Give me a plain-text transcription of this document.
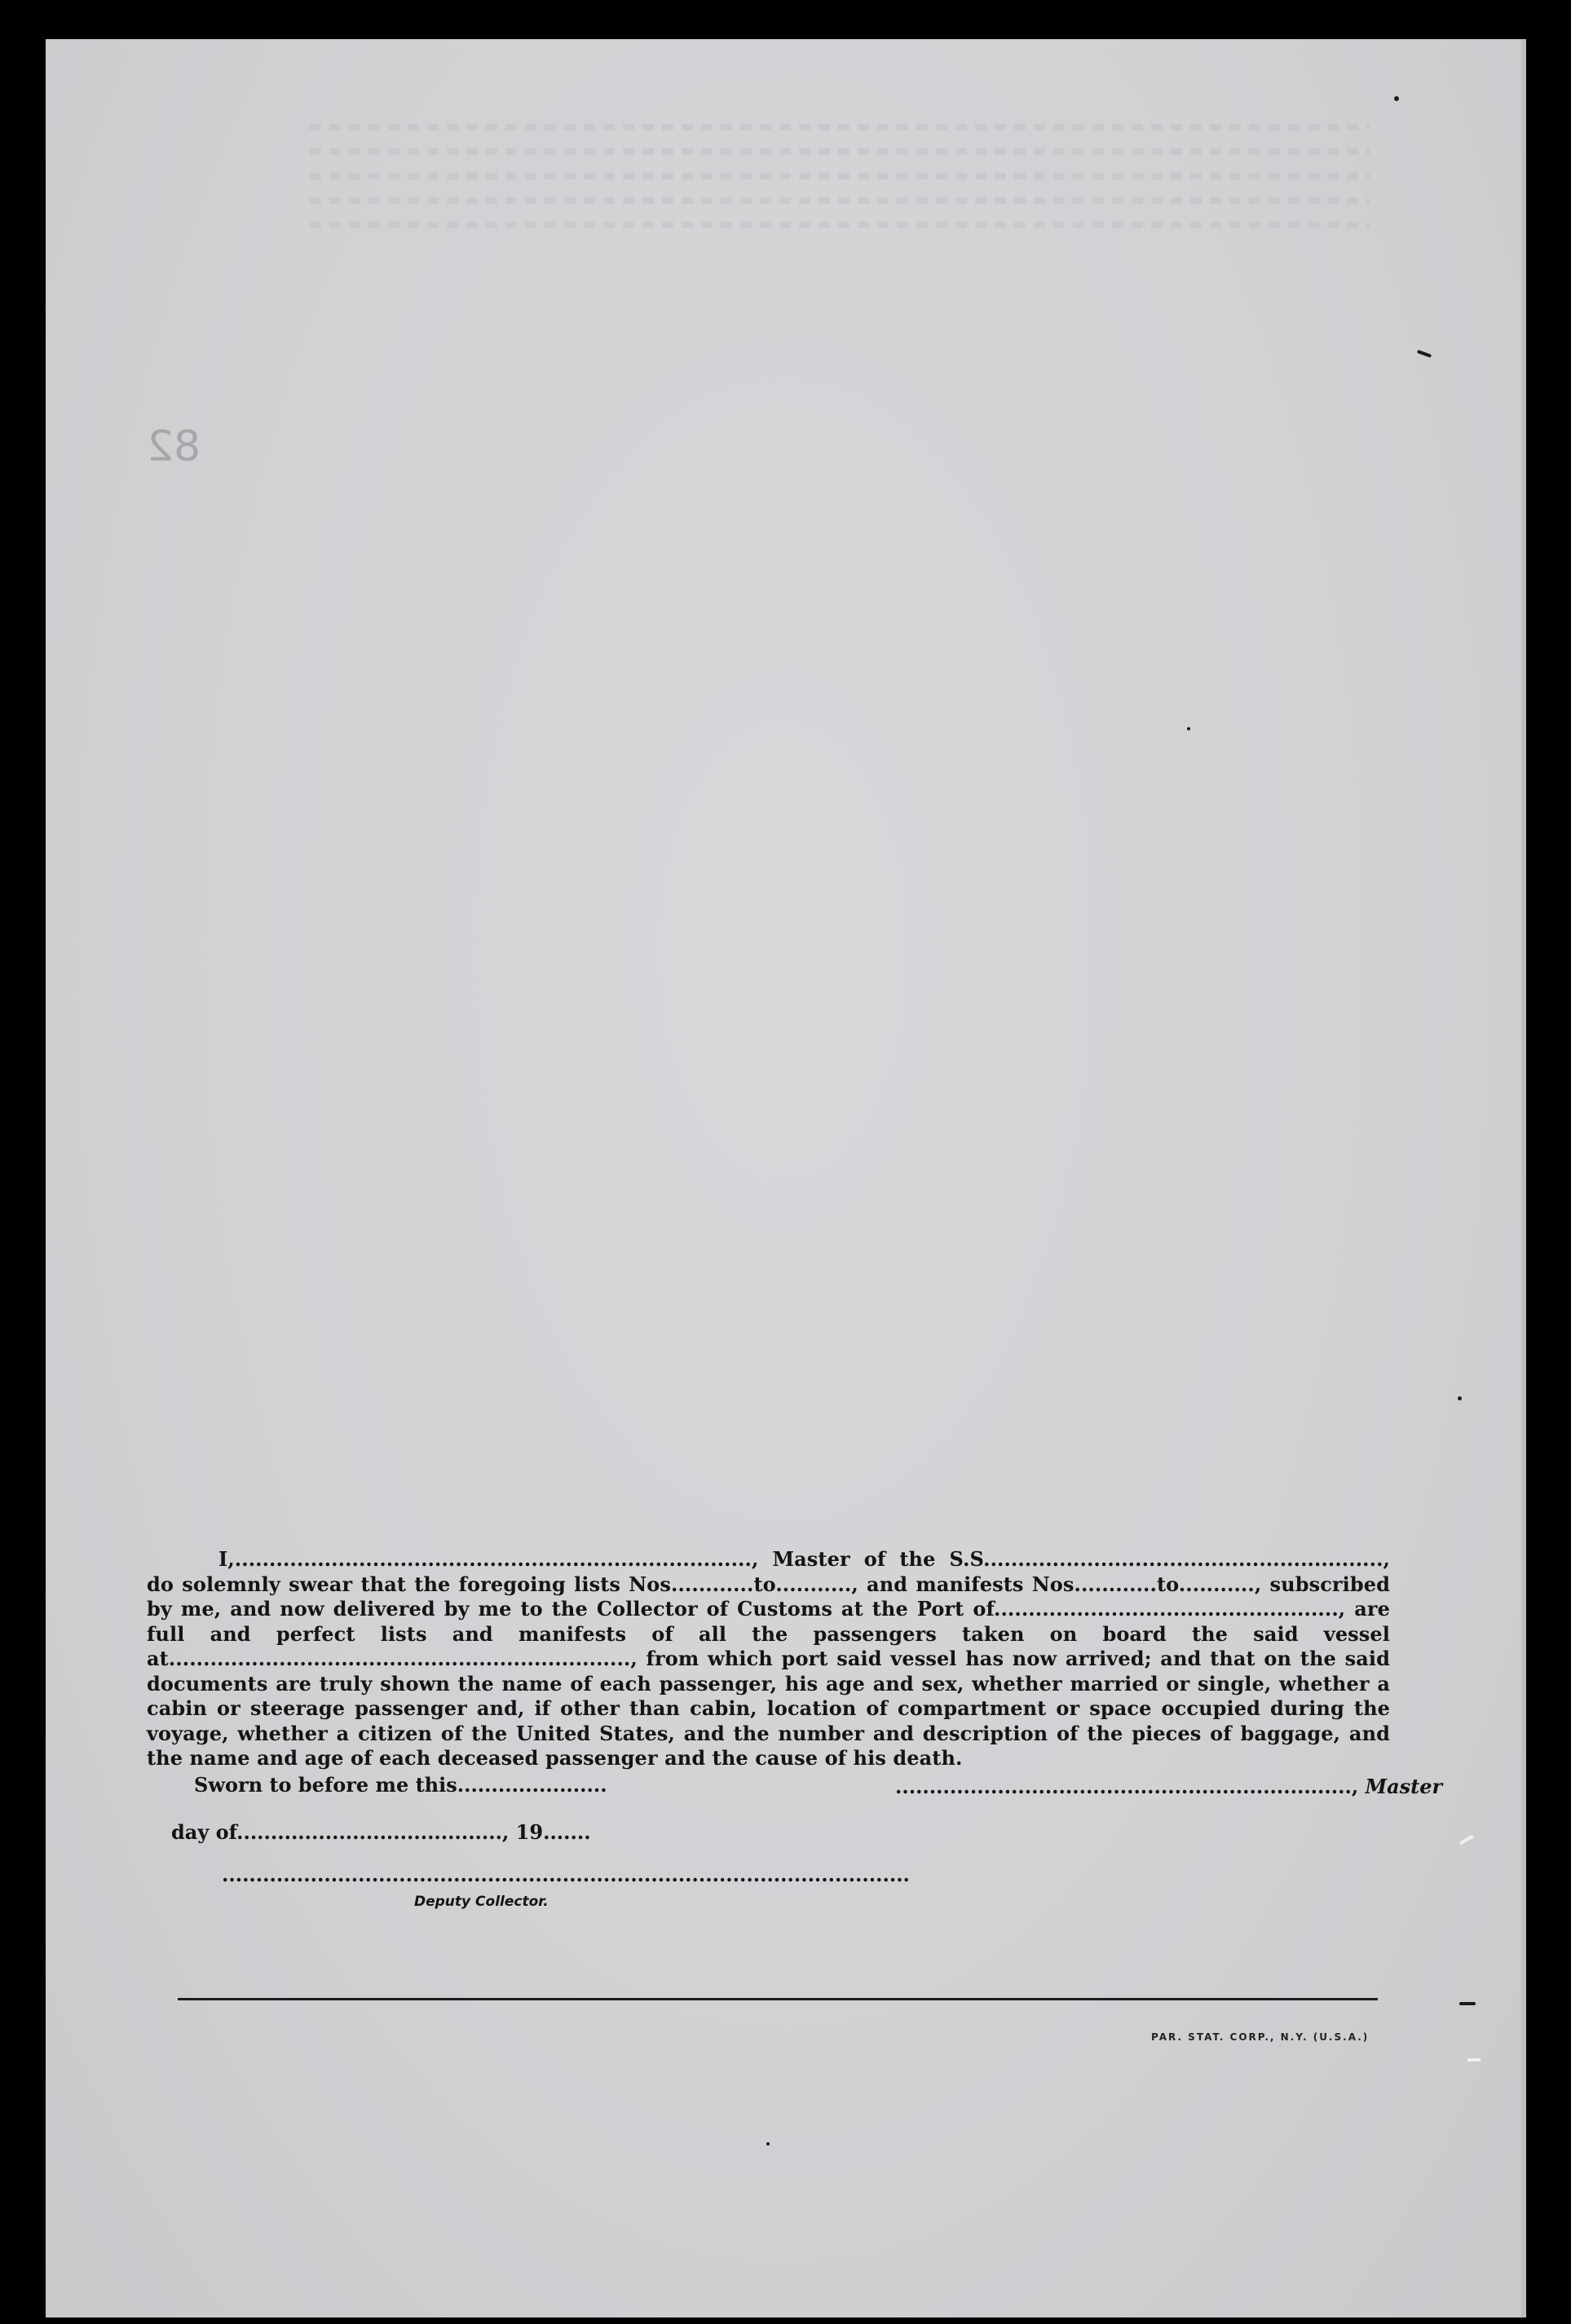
82

I,..........................................................................., Master of the S.S.........................................................., do solemnly swear that the foregoing lists Nos............to..........., and manifests Nos............to..........., subscribed by me, and now delivered by me to the Collector of Customs at the Port of.................................................., are full and perfect lists and manifests of all the passengers taken on board the said vessel at..................................................................., from which port said vessel has now arrived; and that on the said documents are truly shown the name of each passenger, his age and sex, whether married or single, whether a cabin or steerage passenger and, if other than cabin, location of compartment or space occupied during the voyage, whether a citizen of the United States, and the number and description of the pieces of baggage, and the name and age of each deceased passenger and the cause of his death.

Sworn to before me this......................	..................................................................., Master
day of......................................., 19.......
.....................................................................................................
Deputy Collector.
PAR. STAT. CORP., N.Y. (U.S.A.)
